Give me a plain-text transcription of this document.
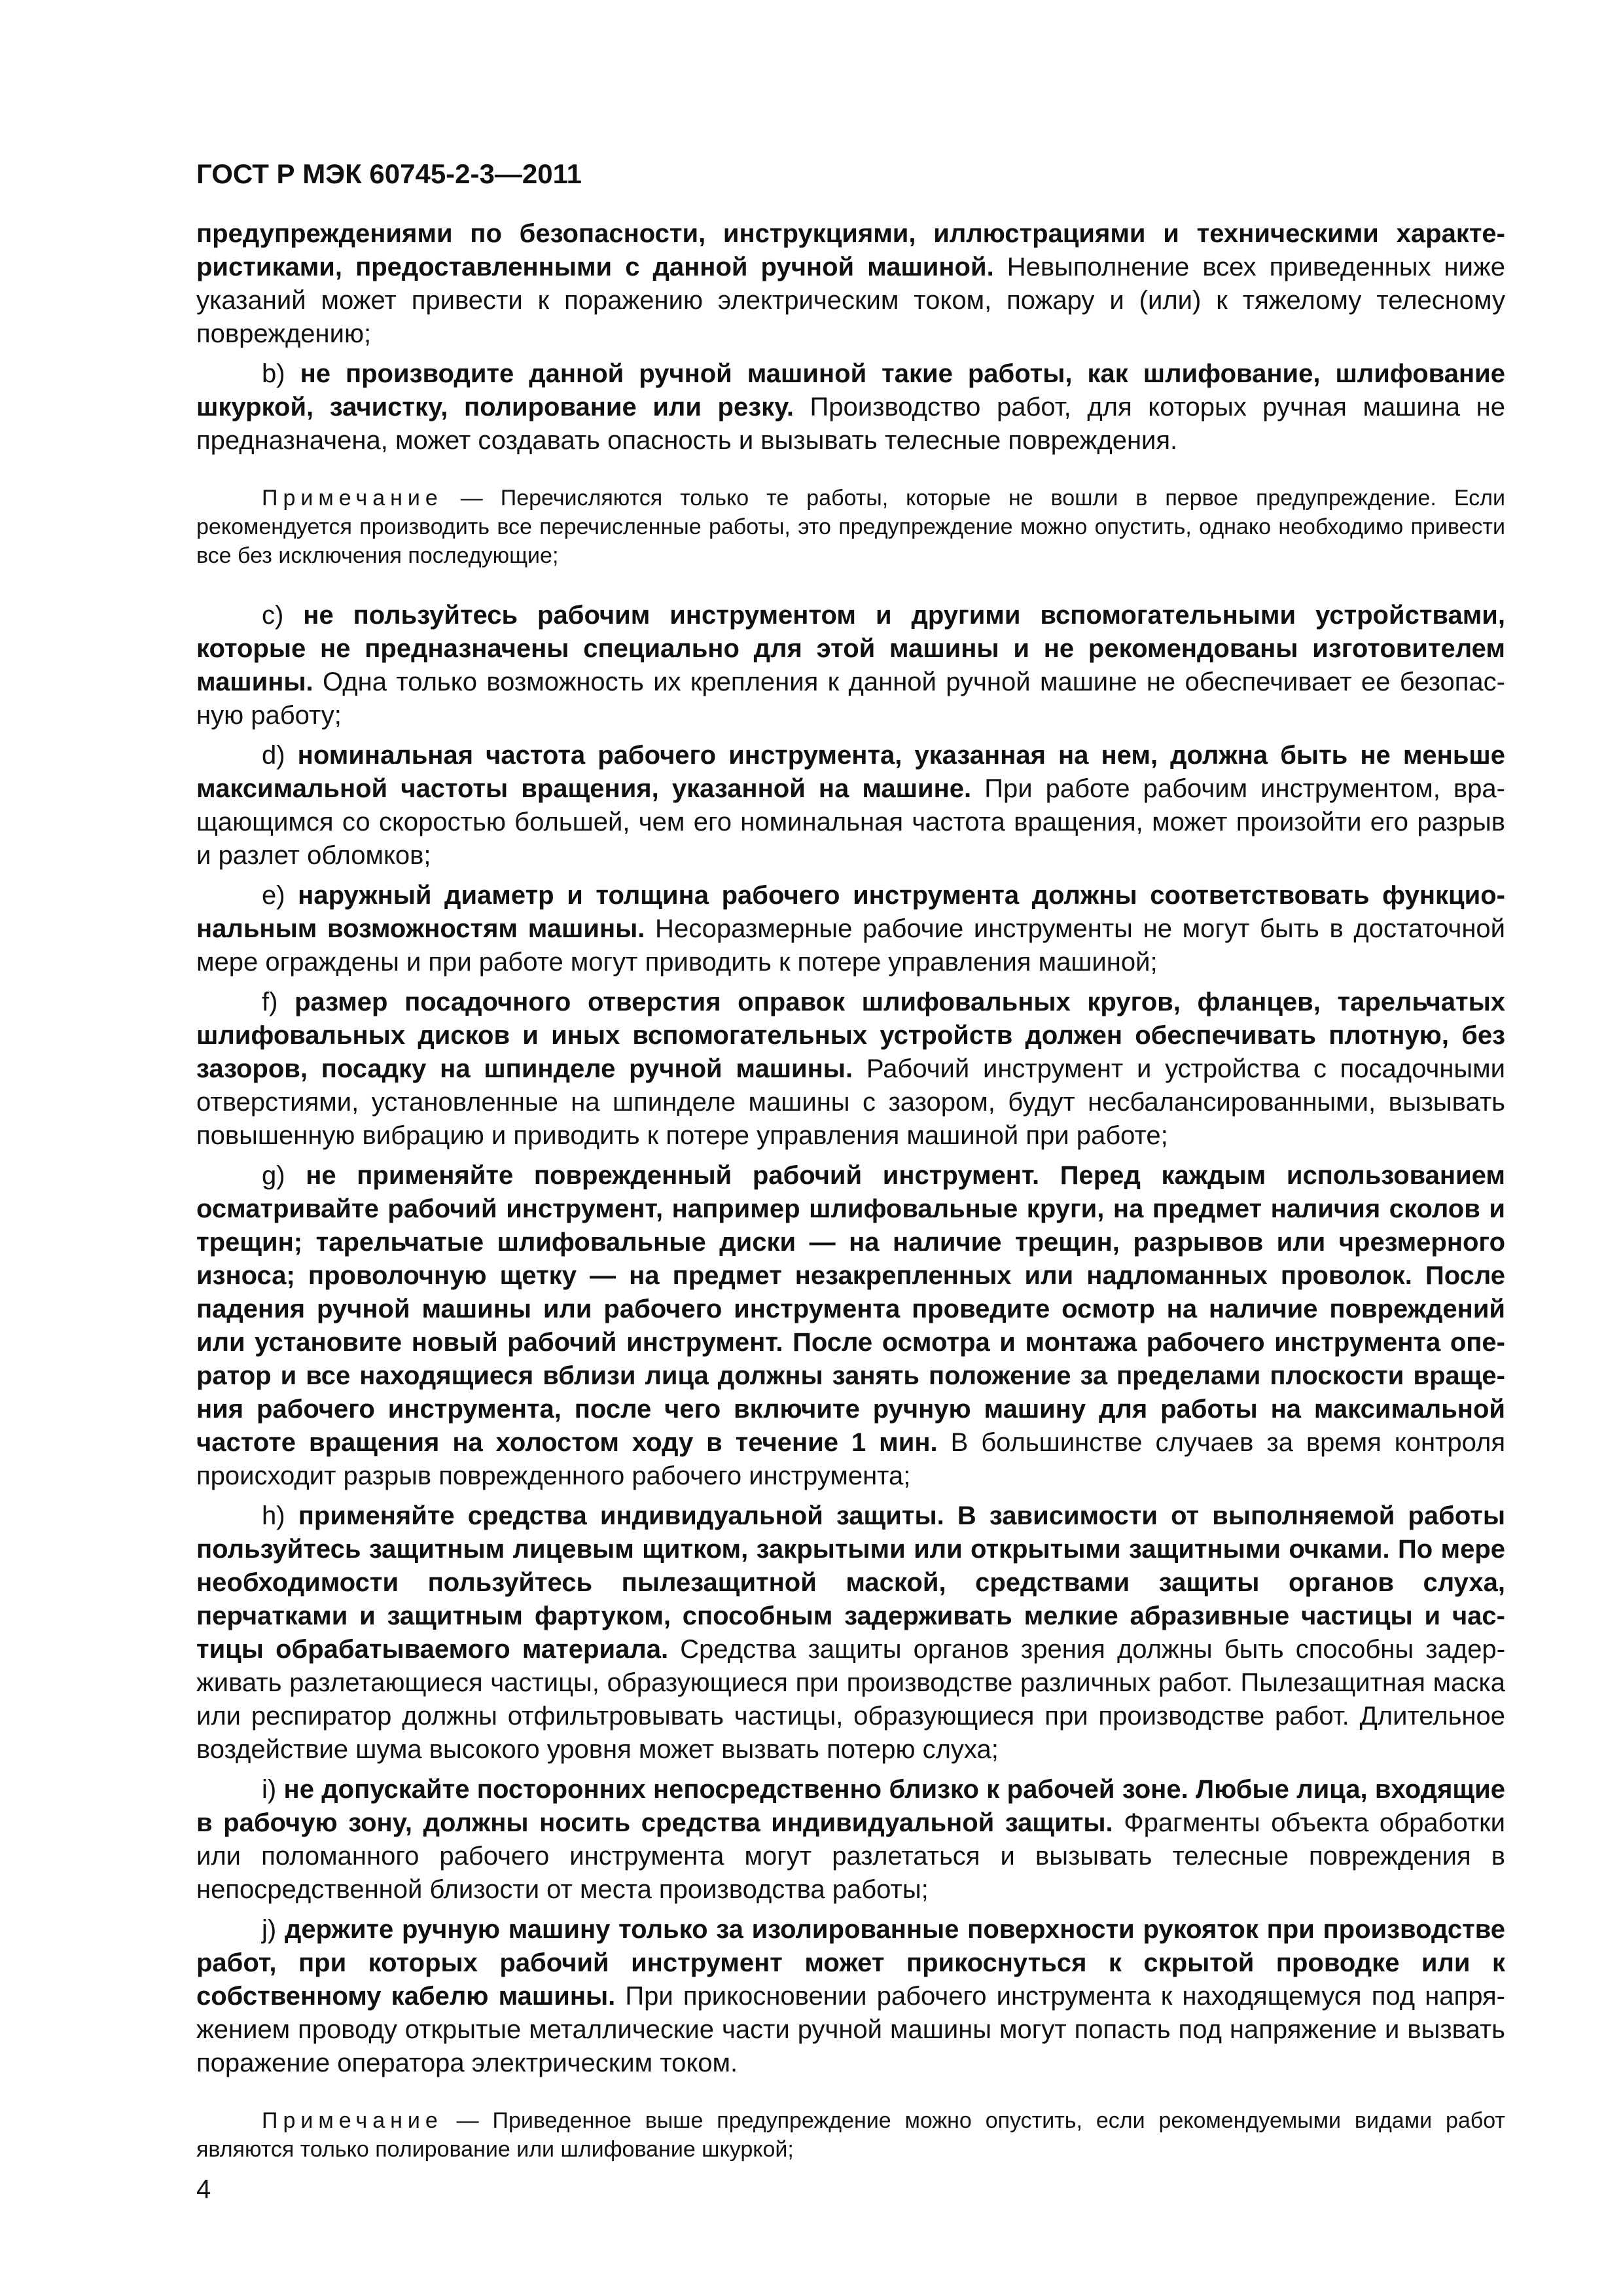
ГОСТ Р МЭК 60745-2-3—2011

предупреждениями по безопасности, инструкциями, иллюстрациями и техническими характеристиками, предоставленными с данной ручной машиной. Невыполнение всех приведенных ниже указаний может привести к поражению электрическим током, пожару и (или) к тяжелому телесному повреждению;

b) не производите данной ручной машиной такие работы, как шлифование, шлифование шкуркой, зачистку, полирование или резку. Производство работ, для которых ручная машина не предназначена, может создавать опасность и вызывать телесные повреждения.

Примечание — Перечисляются только те работы, которые не вошли в первое предупреждение. Если рекомендуется производить все перечисленные работы, это предупреждение можно опустить, однако необходимо привести все без исключения последующие;

с) не пользуйтесь рабочим инструментом и другими вспомогательными устройствами, которые не предназначены специально для этой машины и не рекомендованы изготовителем машины. Одна только возможность их крепления к данной ручной машине не обеспечивает ее безопасную работу;

d) номинальная частота рабочего инструмента, указанная на нем, должна быть не меньше максимальной частоты вращения, указанной на машине. При работе рабочим инструментом, вращающимся со скоростью большей, чем его номинальная частота вращения, может произойти его разрыв и разлет обломков;

е) наружный диаметр и толщина рабочего инструмента должны соответствовать функциональным возможностям машины. Несоразмерные рабочие инструменты не могут быть в достаточной мере ограждены и при работе могут приводить к потере управления машиной;

f) размер посадочного отверстия оправок шлифовальных кругов, фланцев, тарельчатых шлифовальных дисков и иных вспомогательных устройств должен обеспечивать плотную, без зазоров, посадку на шпинделе ручной машины. Рабочий инструмент и устройства с посадочными отверстиями, установленные на шпинделе машины с зазором, будут несбалансированными, вызывать повышенную вибрацию и приводить к потере управления машиной при работе;

g) не применяйте поврежденный рабочий инструмент. Перед каждым использованием осматривайте рабочий инструмент, например шлифовальные круги, на предмет наличия сколов и трещин; тарельчатые шлифовальные диски — на наличие трещин, разрывов или чрезмерного износа; проволочную щетку — на предмет незакрепленных или надломанных проволок. После падения ручной машины или рабочего инструмента проведите осмотр на наличие повреждений или установите новый рабочий инструмент. После осмотра и монтажа рабочего инструмента оператор и все находящиеся вблизи лица должны занять положение за пределами плоскости вращения рабочего инструмента, после чего включите ручную машину для работы на максимальной частоте вращения на холостом ходу в течение 1 мин. В большинстве случаев за время контроля происходит разрыв поврежденного рабочего инструмента;

h) применяйте средства индивидуальной защиты. В зависимости от выполняемой работы пользуйтесь защитным лицевым щитком, закрытыми или открытыми защитными очками. По мере необходимости пользуйтесь пылезащитной маской, средствами защиты органов слуха, перчатками и защитным фартуком, способным задерживать мелкие абразивные частицы и частицы обрабатываемого материала. Средства защиты органов зрения должны быть способны задерживать разлетающиеся частицы, образующиеся при производстве различных работ. Пылезащитная маска или респиратор должны отфильтровывать частицы, образующиеся при производстве работ. Длительное воздействие шума высокого уровня может вызвать потерю слуха;

i) не допускайте посторонних непосредственно близко к рабочей зоне. Любые лица, входящие в рабочую зону, должны носить средства индивидуальной защиты. Фрагменты объекта обработки или поломанного рабочего инструмента могут разлетаться и вызывать телесные повреждения в непосредственной близости от места производства работы;

j) держите ручную машину только за изолированные поверхности рукояток при производстве работ, при которых рабочий инструмент может прикоснуться к скрытой проводке или к собственному кабелю машины. При прикосновении рабочего инструмента к находящемуся под напряжением проводу открытые металлические части ручной машины могут попасть под напряжение и вызвать поражение оператора электрическим током.

Примечание — Приведенное выше предупреждение можно опустить, если рекомендуемыми видами работ являются только полирование или шлифование шкуркой;

4
